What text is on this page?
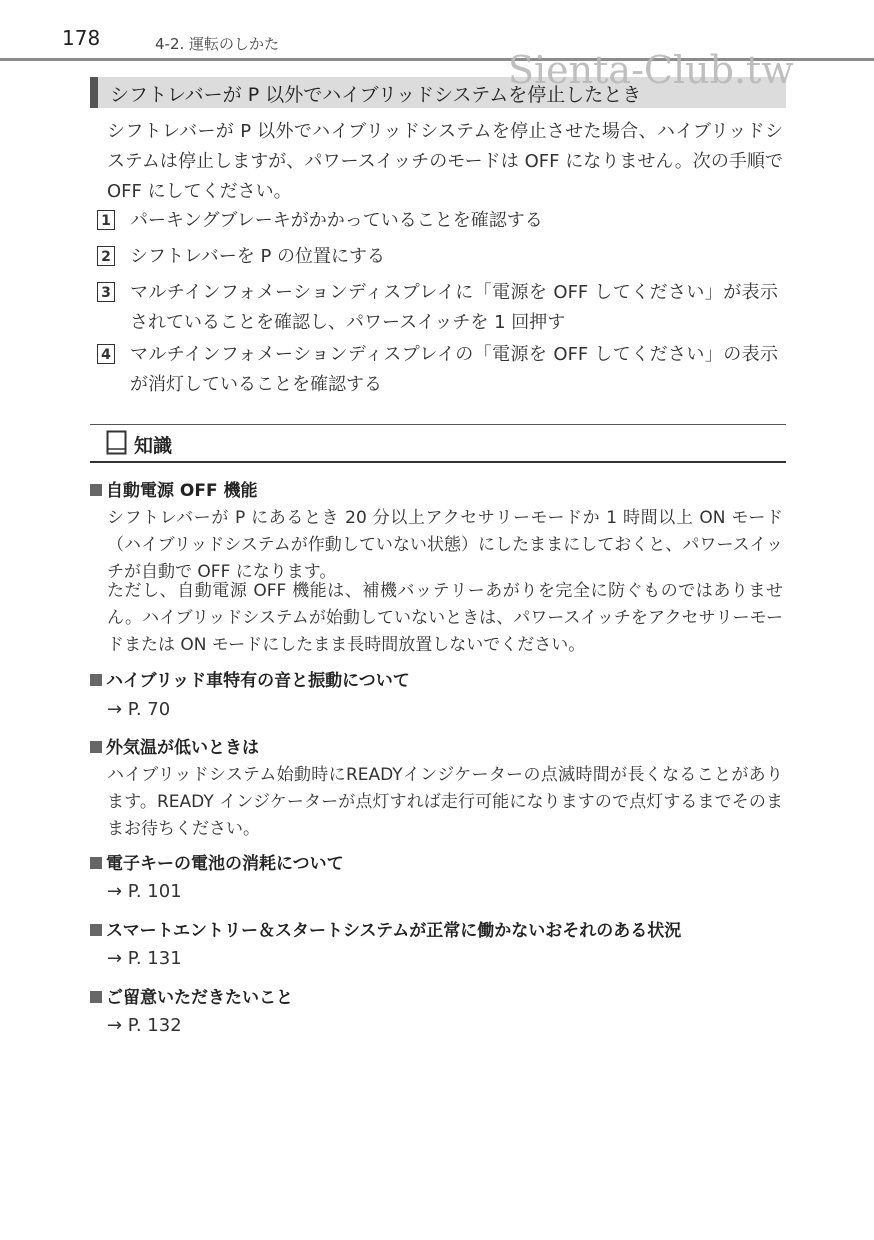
178	4-2. 運転のしかた
シフトレバーが P 以外でハイブリッドシステムを停止したとき
Sienta-Club.tw
シフトレバーが P 以外でハイブリッドシステムを停止させた場合、ハイブリッドシステムは停止しますが、パワースイッチのモードは OFF になりません。次の手順で OFF にしてください。
1 パーキングブレーキがかかっていることを確認する
2 シフトレバーを P の位置にする
3 マルチインフォメーションディスプレイに「電源を OFF してください」が表示されていることを確認し、パワースイッチを 1 回押す
4 マルチインフォメーションディスプレイの「電源を OFF してください」の表示が消灯していることを確認する
知識
自動電源 OFF 機能
シフトレバーが P にあるとき 20 分以上アクセサリーモードか 1 時間以上 ON モード（ハイブリッドシステムが作動していない状態）にしたままにしておくと、パワースイッチが自動で OFF になります。
ただし、自動電源 OFF 機能は、補機バッテリーあがりを完全に防ぐものではありません。ハイブリッドシステムが始動していないときは、パワースイッチをアクセサリーモードまたは ON モードにしたまま長時間放置しないでください。
ハイブリッド車特有の音と振動について
→ P. 70
外気温が低いときは
ハイブリッドシステム始動時にREADYインジケーターの点滅時間が長くなることがあります。READY インジケーターが点灯すれば走行可能になりますので点灯するまでそのままお待ちください。
電子キーの電池の消耗について
→ P. 101
スマートエントリー＆スタートシステムが正常に働かないおそれのある状況
→ P. 131
ご留意いただきたいこと
→ P. 132
